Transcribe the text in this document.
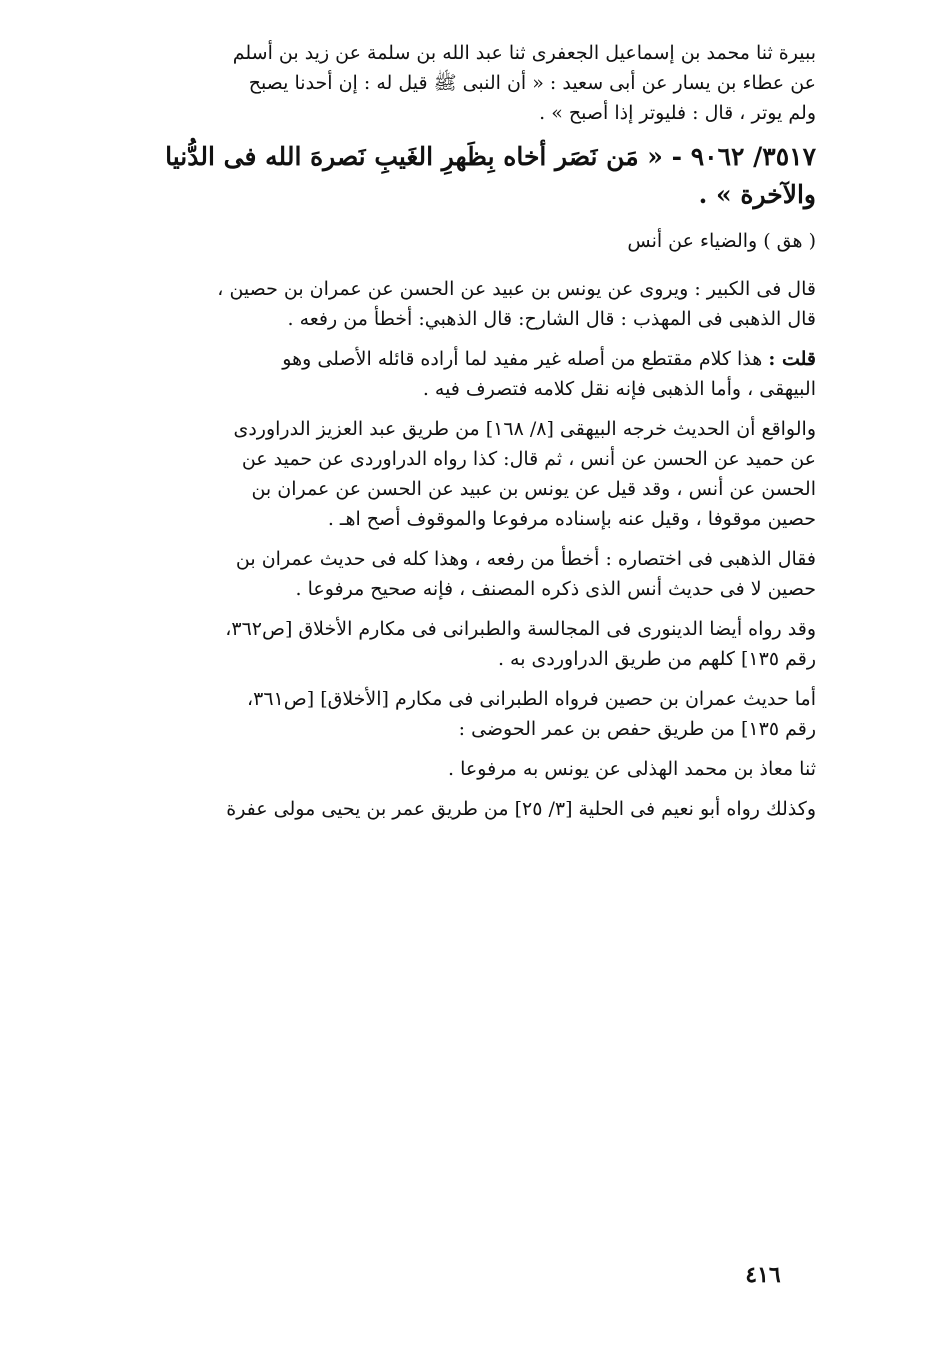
ببيرة ثنا محمد بن إسماعيل الجعفرى ثنا عبد الله بن سلمة عن زيد بن أسلم
عن عطاء بن يسار عن أبى سعيد : « أن النبى ﷺ قيل له : إن أحدنا يصبح
ولم يوتر ، قال : فليوتر إذا أصبح » .

٣٥١٧/ ٩٠٦٢ - « مَن نَصَر أخاه بِظَهرِ الغَيبِ نَصرهَ الله فى الدُّنيا
والآخرة » .

( هق ) والضياء عن أنس

قال فى الكبير : ويروى عن يونس بن عبيد عن الحسن عن عمران بن حصين ،
قال الذهبى فى المهذب : قال الشارح: قال الذهبي: أخطأ من رفعه .

قلت : هذا كلام مقتطع من أصله غير مفيد لما أراده قائله الأصلى وهو
البيهقى ، وأما الذهبى فإنه نقل كلامه فتصرف فيه .

والواقع أن الحديث خرجه البيهقى [٨/ ١٦٨] من طريق عبد العزيز الدراوردى
عن حميد عن الحسن عن أنس ، ثم قال: كذا رواه الدراوردى عن حميد عن
الحسن عن أنس ، وقد قيل عن يونس بن عبيد عن الحسن عن عمران بن
حصين موقوفا ، وقيل عنه بإسناده مرفوعا والموقوف أصح اهـ .

فقال الذهبى فى اختصاره : أخطأ من رفعه ، وهذا كله فى حديث عمران بن
حصين لا فى حديث أنس الذى ذكره المصنف ، فإنه صحيح مرفوعا .

وقد رواه أيضا الدينورى فى المجالسة والطبرانى فى مكارم الأخلاق [ص٣٦٢،
رقم ١٣٥] كلهم من طريق الدراوردى به .

أما حديث عمران بن حصين فرواه الطبرانى فى مكارم [الأخلاق] [ص٣٦١،
رقم ١٣٥] من طريق حفص بن عمر الحوضى :

ثنا معاذ بن محمد الهذلى عن يونس به مرفوعا .

وكذلك رواه أبو نعيم فى الحلية [٣/ ٢٥] من طريق عمر بن يحيى مولى عفرة

٤١٦
